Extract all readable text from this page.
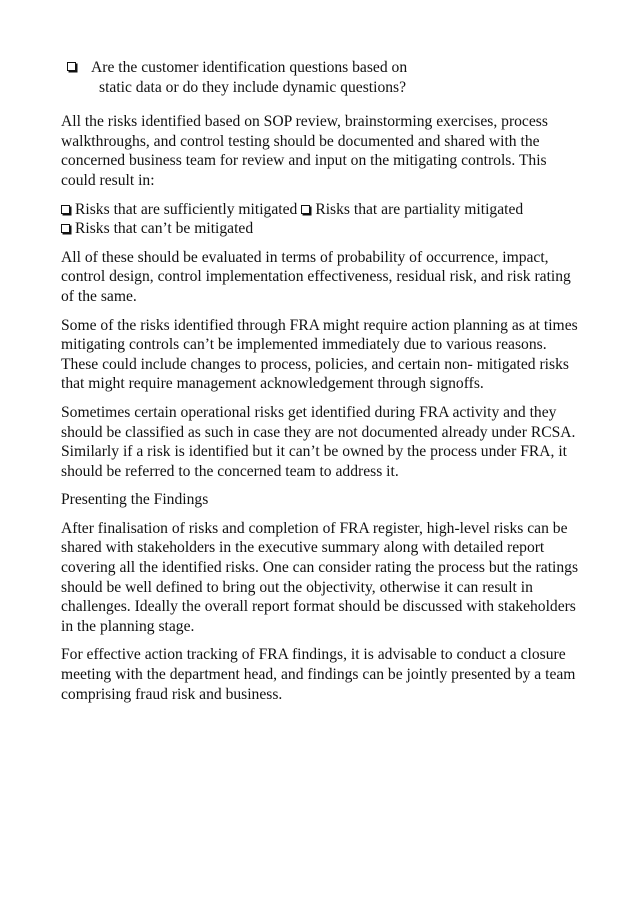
Are the customer identification questions based on
static data or do they include dynamic questions?

All the risks identified based on SOP review, brainstorming exercises, process walkthroughs, and control testing should be documented and shared with the concerned business team for review and input on the mitigating controls. This could result in:

Risks that are sufficiently mitigated Risks that are partiality mitigated
Risks that can’t be mitigated

All of these should be evaluated in terms of probability of occurrence, impact, control design, control implementation effectiveness, residual risk, and risk rating of the same.

Some of the risks identified through FRA might require action planning as at times mitigating controls can’t be implemented immediately due to various reasons. These could include changes to process, policies, and certain non- mitigated risks that might require management acknowledgement through signoffs.

Sometimes certain operational risks get identified during FRA activity and they should be classified as such in case they are not documented already under RCSA. Similarly if a risk is identified but it can’t be owned by the process under FRA, it should be referred to the concerned team to address it.

Presenting the Findings

After finalisation of risks and completion of FRA register, high-level risks can be shared with stakeholders in the executive summary along with detailed report covering all the identified risks. One can consider rating the process but the ratings should be well defined to bring out the objectivity, otherwise it can result in challenges. Ideally the overall report format should be discussed with stakeholders in the planning stage.

For effective action tracking of FRA findings, it is advisable to conduct a closure meeting with the department head, and findings can be jointly presented by a team comprising fraud risk and business.
